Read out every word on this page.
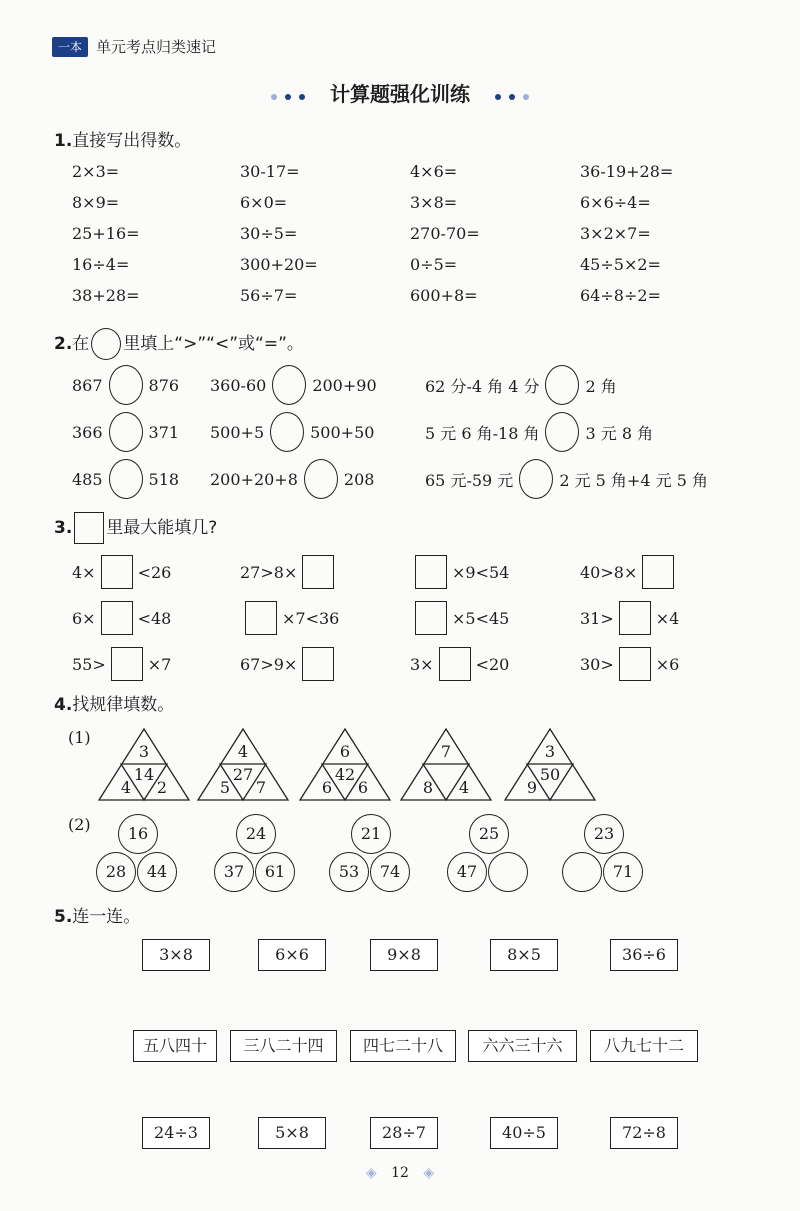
一本 单元考点归类速记
计算题强化训练
1.直接写出得数。
2×3=	30-17=	4×6=	36-19+28=
8×9=	6×0=	3×8=	6×6÷4=
25+16=	30÷5=	270-70=	3×2×7=
16÷4=	300+20=	0÷5=	45÷5×2=
38+28=	56÷7=	600+8=	64÷8÷2=
2. 在 里填上“>”“<”或“=”。
867	876 360-60	200+90	62 分-4 角 4 分	2 角
366	371 500+5	500+50	5 元 6 角-18 角	3 元 8 角
485	518 200+20+8	208	65 元-59 元	2 元 5 角+4 元 5 角
3. 里最大能填几?
4×	<26	27>8×	×9<54	40>8×
6×	<48	×7<36	×5<45	31>	×4
55>	×7	67>9×	3×	<20	30>	×6
4.找规律填数。
(1)
3
14
4	2
4
27
5	7
6
42
6	6
7
8	4
3
50
9
(2)	16
28	44
24
37	61
21
53	74
25
47
23
71
5.连一连。
3×8	6×6	9×8	8×5	36÷6
五八四十	三八二十四	四七二十八	六六三十六	八九七十二
24÷3	5×8	28÷7	40÷5	72÷8
◈ 12 ◈
